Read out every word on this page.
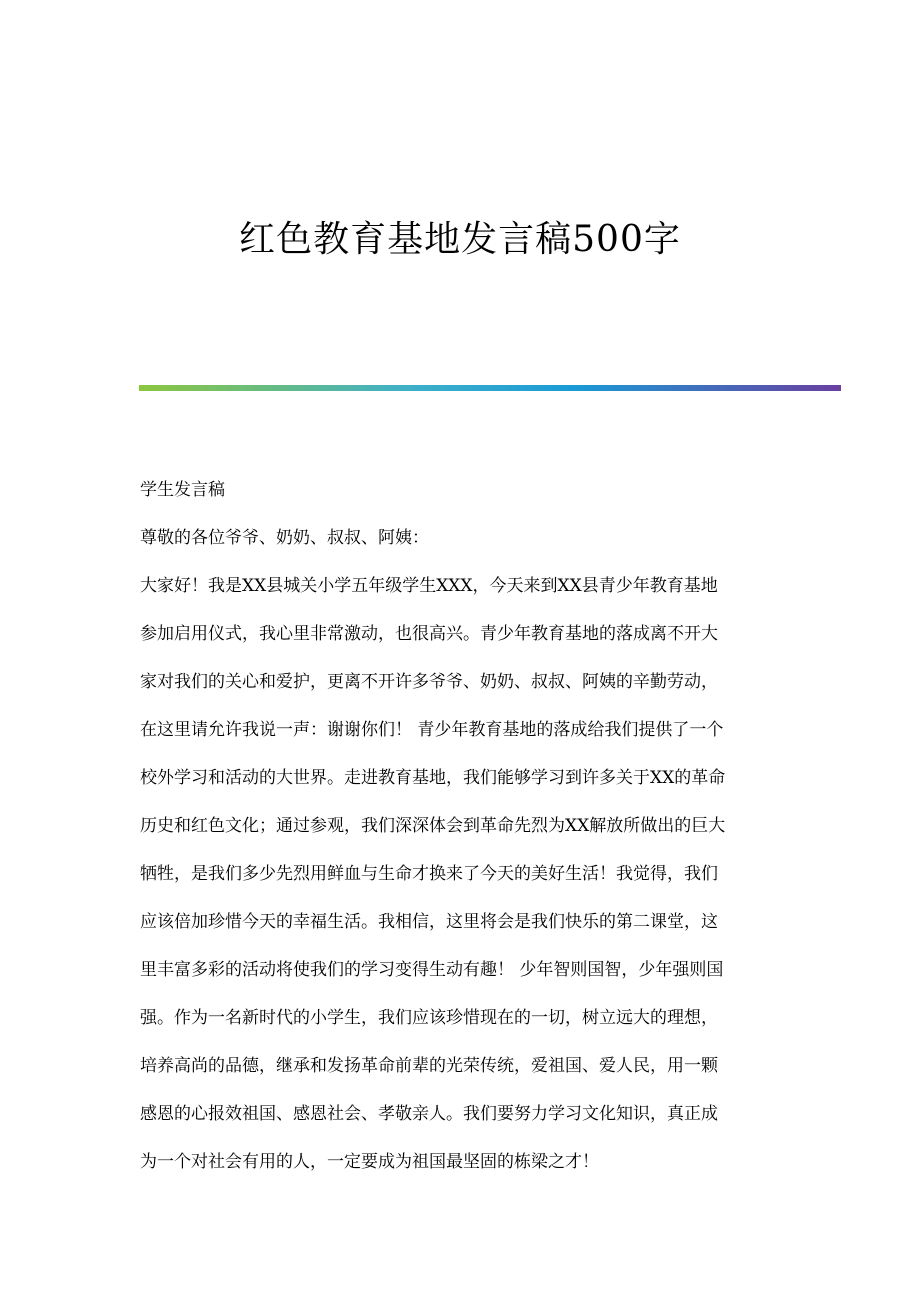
红色教育基地发言稿500字

学生发言稿

尊敬的各位爷爷、奶奶、叔叔、阿姨：

大家好！我是XX县城关小学五年级学生XXX，今天来到XX县青少年教育基地

参加启用仪式，我心里非常激动，也很高兴。青少年教育基地的落成离不开大

家对我们的关心和爱护，更离不开许多爷爷、奶奶、叔叔、阿姨的辛勤劳动，

在这里请允许我说一声：谢谢你们！ 青少年教育基地的落成给我们提供了一个

校外学习和活动的大世界。走进教育基地，我们能够学习到许多关于XX的革命

历史和红色文化；通过参观，我们深深体会到革命先烈为XX解放所做出的巨大

牺牲，是我们多少先烈用鲜血与生命才换来了今天的美好生活！我觉得，我们

应该倍加珍惜今天的幸福生活。我相信，这里将会是我们快乐的第二课堂，这

里丰富多彩的活动将使我们的学习变得生动有趣！ 少年智则国智，少年强则国

强。作为一名新时代的小学生，我们应该珍惜现在的一切，树立远大的理想，

培养高尚的品德，继承和发扬革命前辈的光荣传统，爱祖国、爱人民，用一颗

感恩的心报效祖国、感恩社会、孝敬亲人。我们要努力学习文化知识，真正成

为一个对社会有用的人，一定要成为祖国最坚固的栋梁之才！
